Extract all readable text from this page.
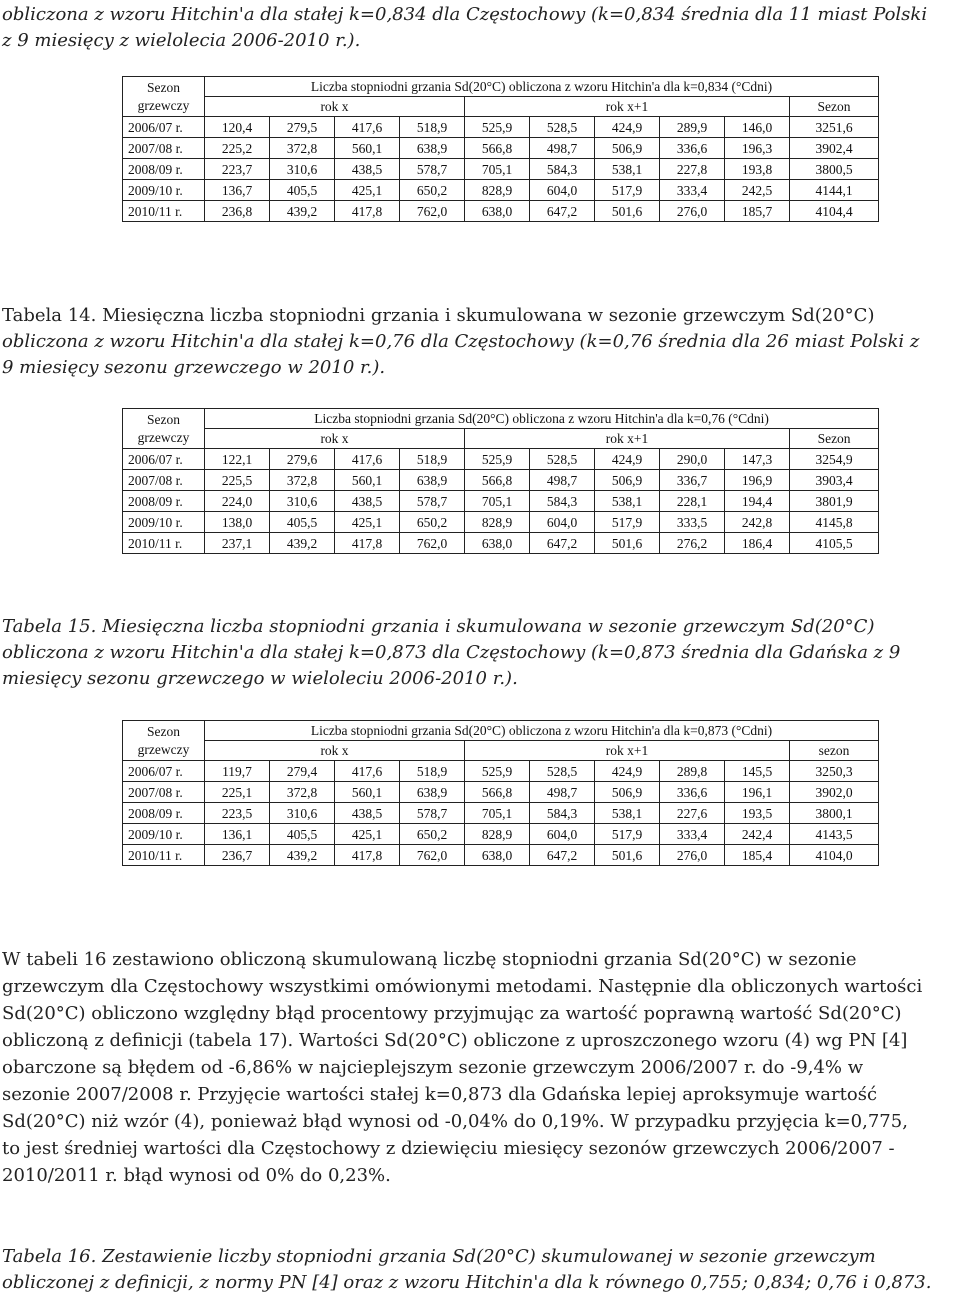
obliczona z wzoru Hitchin'a dla stałej k=0,834 dla Częstochowy (k=0,834 średnia dla 11 miast Polski
z 9 miesięcy z wielolecia 2006-2010 r.).

Sezon
grzewczy	Liczba stopniodni grzania Sd(20°C) obliczona z wzoru Hitchin'a dla k=0,834 (°Cdni)									
	rok x				rok x+1					Sezon
2006/07 r.	120,4	279,5	417,6	518,9	525,9	528,5	424,9	289,9	146,0	3251,6
2007/08 r.	225,2	372,8	560,1	638,9	566,8	498,7	506,9	336,6	196,3	3902,4
2008/09 r.	223,7	310,6	438,5	578,7	705,1	584,3	538,1	227,8	193,8	3800,5
2009/10 r.	136,7	405,5	425,1	650,2	828,9	604,0	517,9	333,4	242,5	4144,1
2010/11 r.	236,8	439,2	417,8	762,0	638,0	647,2	501,6	276,0	185,7	4104,4

Tabela 14. Miesięczna liczba stopniodni grzania i skumulowana w sezonie grzewczym Sd(20°C)
obliczona z wzoru Hitchin'a dla stałej k=0,76 dla Częstochowy (k=0,76 średnia dla 26 miast Polski z
9 miesięcy sezonu grzewczego w 2010 r.).

Sezon
grzewczy	Liczba stopniodni grzania Sd(20°C) obliczona z wzoru Hitchin'a dla k=0,76 (°Cdni)									
	rok x				rok x+1					Sezon
2006/07 r.	122,1	279,6	417,6	518,9	525,9	528,5	424,9	290,0	147,3	3254,9
2007/08 r.	225,5	372,8	560,1	638,9	566,8	498,7	506,9	336,7	196,9	3903,4
2008/09 r.	224,0	310,6	438,5	578,7	705,1	584,3	538,1	228,1	194,4	3801,9
2009/10 r.	138,0	405,5	425,1	650,2	828,9	604,0	517,9	333,5	242,8	4145,8
2010/11 r.	237,1	439,2	417,8	762,0	638,0	647,2	501,6	276,2	186,4	4105,5

Tabela 15. Miesięczna liczba stopniodni grzania i skumulowana w sezonie grzewczym Sd(20°C)
obliczona z wzoru Hitchin'a dla stałej k=0,873 dla Częstochowy (k=0,873 średnia dla Gdańska z 9
miesięcy sezonu grzewczego w wieloleciu 2006-2010 r.).

Sezon
grzewczy	Liczba stopniodni grzania Sd(20°C) obliczona z wzoru Hitchin'a dla k=0,873 (°Cdni)									
	rok x				rok x+1					sezon
2006/07 r.	119,7	279,4	417,6	518,9	525,9	528,5	424,9	289,8	145,5	3250,3
2007/08 r.	225,1	372,8	560,1	638,9	566,8	498,7	506,9	336,6	196,1	3902,0
2008/09 r.	223,5	310,6	438,5	578,7	705,1	584,3	538,1	227,6	193,5	3800,1
2009/10 r.	136,1	405,5	425,1	650,2	828,9	604,0	517,9	333,4	242,4	4143,5
2010/11 r.	236,7	439,2	417,8	762,0	638,0	647,2	501,6	276,0	185,4	4104,0

W tabeli 16 zestawiono obliczoną skumulowaną liczbę stopniodni grzania Sd(20°C) w sezonie
grzewczym dla Częstochowy wszystkimi omówionymi metodami. Następnie dla obliczonych wartości
Sd(20°C) obliczono względny błąd procentowy przyjmując za wartość poprawną wartość Sd(20°C)
obliczoną z definicji (tabela 17). Wartości Sd(20°C) obliczone z uproszczonego wzoru (4) wg PN [4]
obarczone są błędem od -6,86% w najcieplejszym sezonie grzewczym 2006/2007 r. do -9,4% w
sezonie 2007/2008 r. Przyjęcie wartości stałej k=0,873 dla Gdańska lepiej aproksymuje wartość
Sd(20°C) niż wzór (4), ponieważ błąd wynosi od -0,04% do 0,19%. W przypadku przyjęcia k=0,775,
to jest średniej wartości dla Częstochowy z dziewięciu miesięcy sezonów grzewczych 2006/2007 -
2010/2011 r. błąd wynosi od 0% do 0,23%.

Tabela 16. Zestawienie liczby stopniodni grzania Sd(20°C) skumulowanej w sezonie grzewczym
obliczonej z definicji, z normy PN [4] oraz z wzoru Hitchin'a dla k równego 0,755; 0,834; 0,76 i 0,873.
